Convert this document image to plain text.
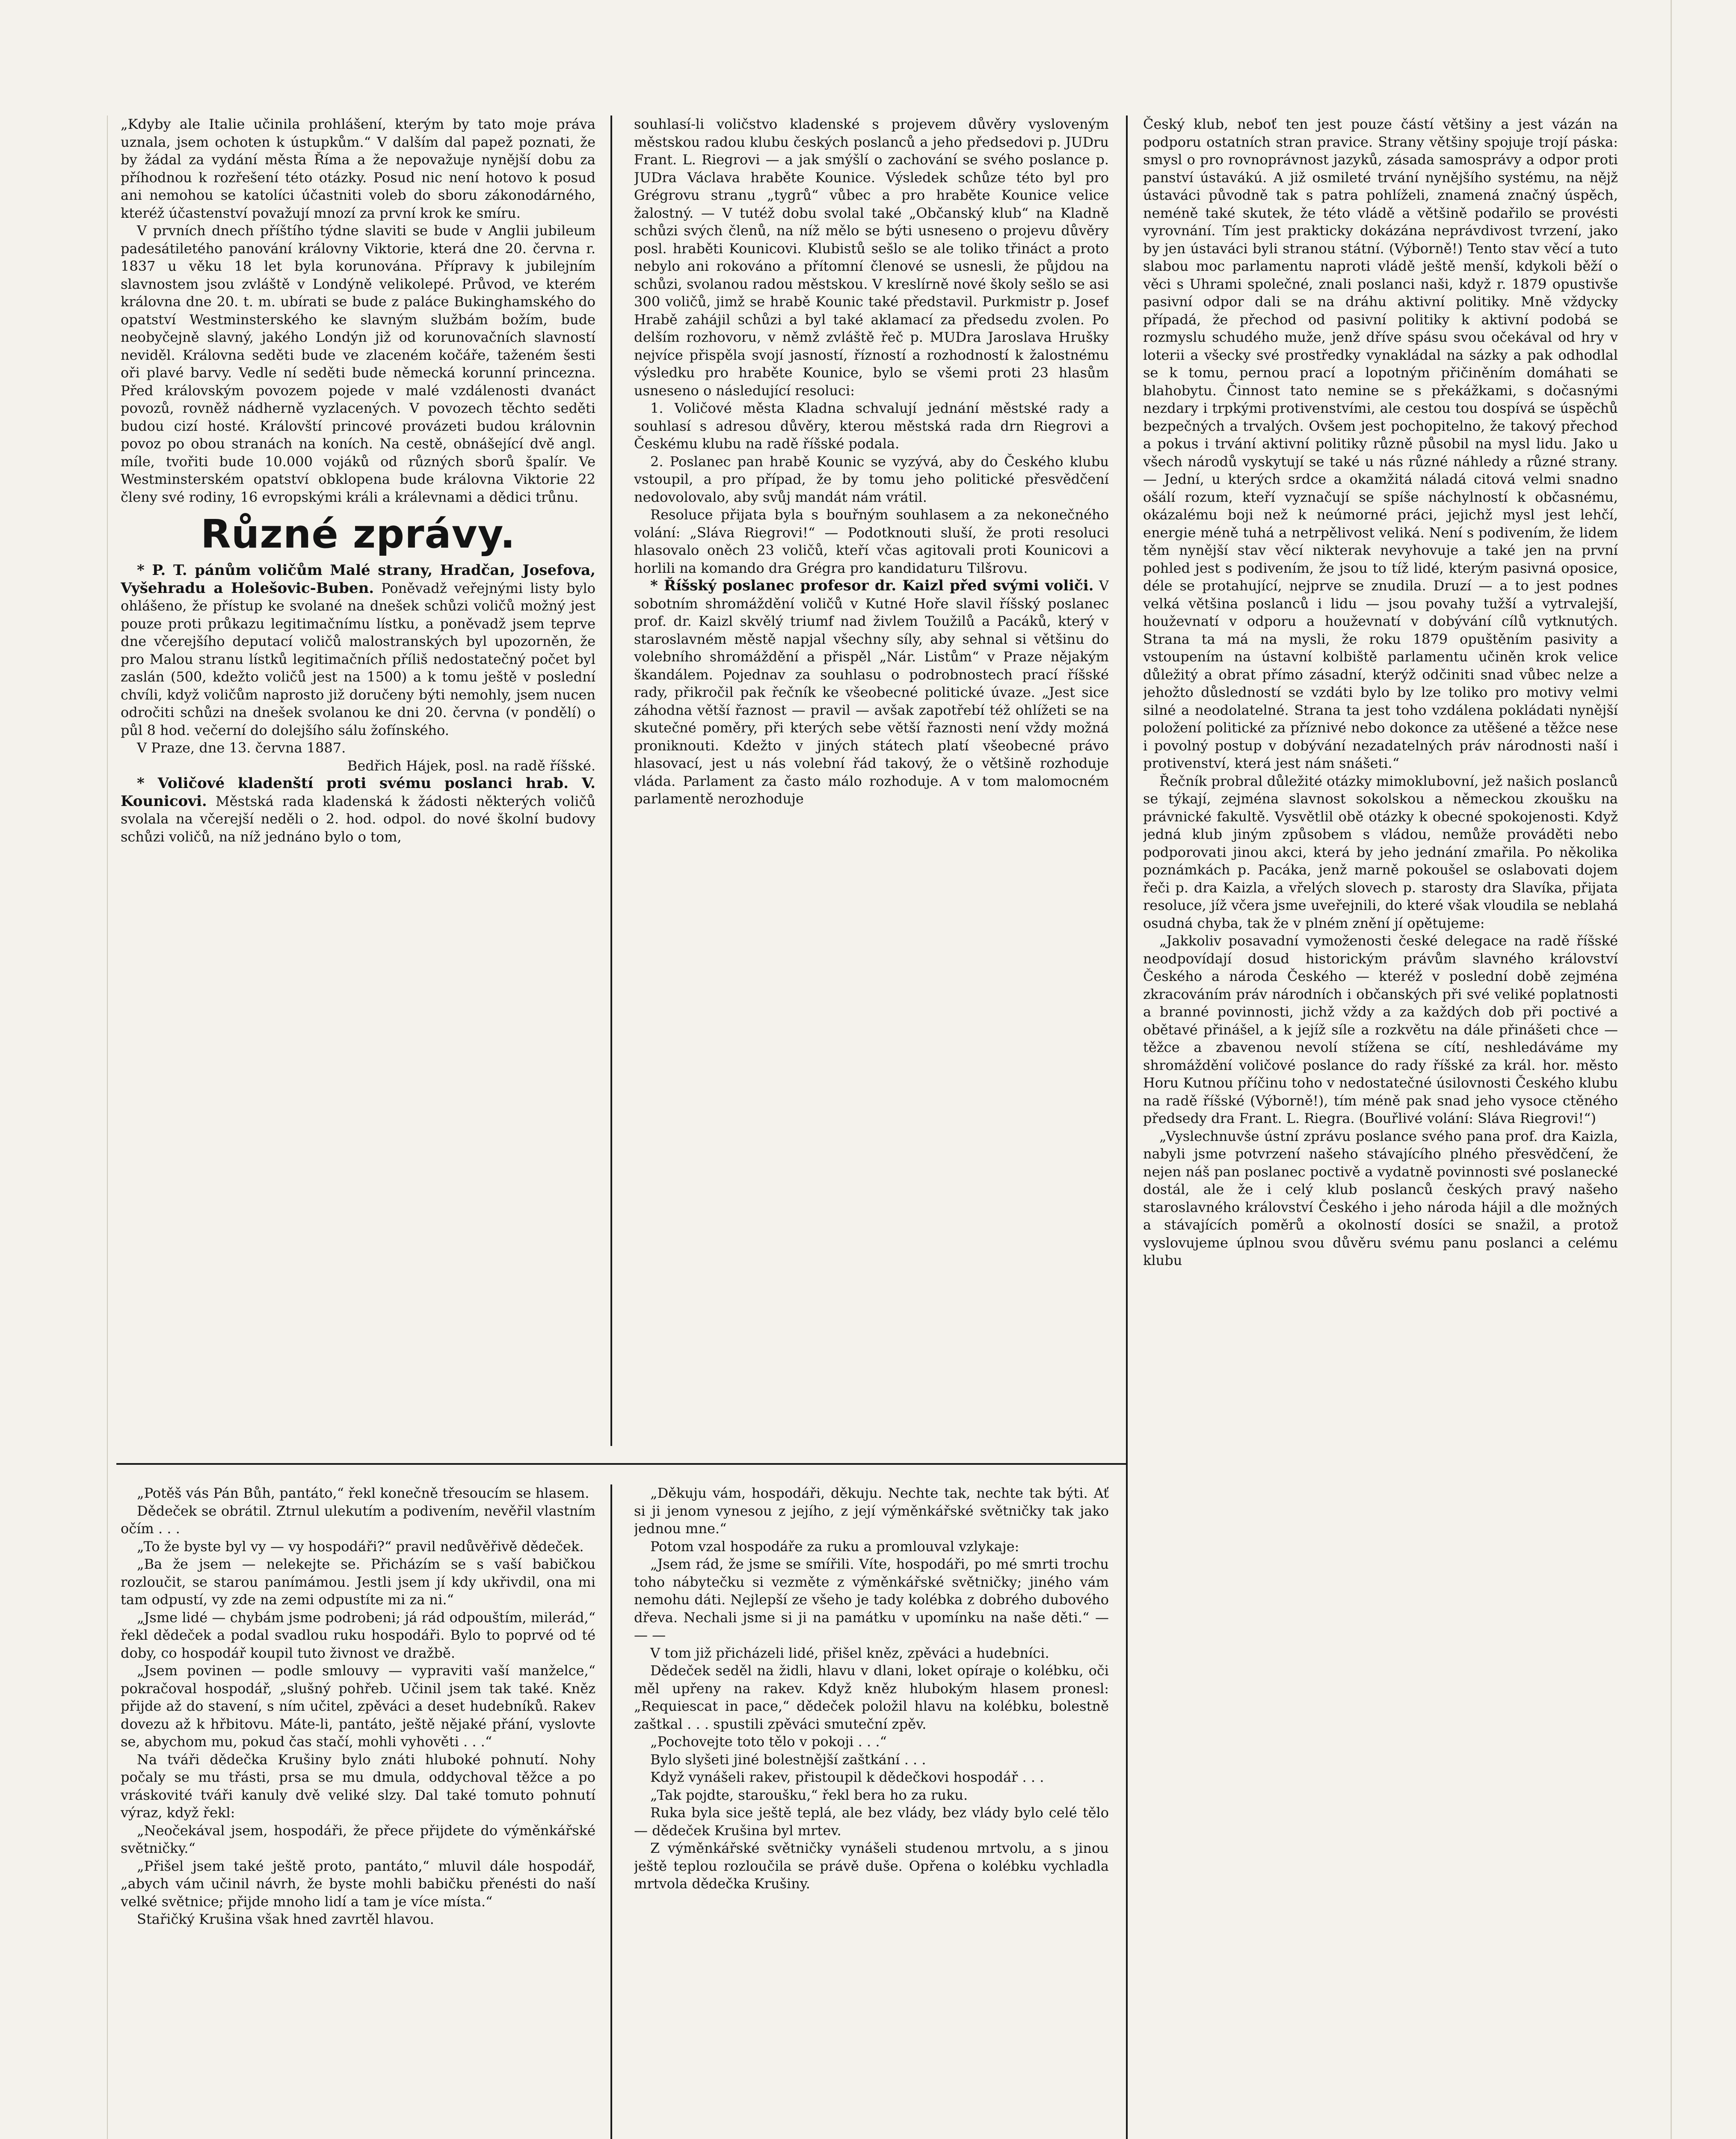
„Kdyby ale Italie učinila prohlášení, kterým by tato moje práva uznala, jsem ochoten k ústupkům.“ V dalším dal papež poznati, že by žádal za vydání města Říma a že nepovažuje nynější dobu za příhodnou k rozřešení této otázky. Posud nic není hotovo k posud ani nemohou se katolíci účastniti voleb do sboru zákonodárného, kteréž účastenství považují mnozí za první krok ke smíru.

V prvních dnech příštího týdne slaviti se bude v Anglii jubileum padesátiletého panování královny Viktorie, která dne 20. června r. 1837 u věku 18 let byla korunována. Přípravy k jubilejním slavnostem jsou zvláště v Londýně velikolepé. Průvod, ve kterém královna dne 20. t. m. ubírati se bude z paláce Bukinghamského do opatství Westminsterského ke slavným službám božím, bude neobyčejně slavný, jakého Londýn již od korunovačních slavností neviděl. Královna seděti bude ve zlaceném kočáře, taženém šesti oři plavé barvy. Vedle ní seděti bude německá korunní princezna. Před královským povozem pojede v malé vzdálenosti dvanáct povozů, rovněž nádherně vyzlacených. V povozech těchto seděti budou cizí hosté. Královští princové provázeti budou královnin povoz po obou stranách na koních. Na cestě, obnášející dvě angl. míle, tvořiti bude 10.000 vojáků od různých sborů špalír. Ve Westminsterském opatství obklopena bude královna Viktorie 22 členy své rodiny, 16 evropskými králi a králevnami a dědici trůnu.

Různé zprávy.

* P. T. pánům voličům Malé strany, Hradčan, Josefova, Vyšehradu a Holešovic-Buben. Poněvadž veřejnými listy bylo ohlášeno, že přístup ke svolané na dnešek schůzi voličů možný jest pouze proti průkazu legitimačnímu lístku, a poněvadž jsem teprve dne včerejšího deputací voličů malostranských byl upozorněn, že pro Malou stranu lístků legitimačních příliš nedostatečný počet byl zaslán (500, kdežto voličů jest na 1500) a k tomu ještě v poslední chvíli, když voličům naprosto již doručeny býti nemohly, jsem nucen odročiti schůzi na dnešek svolanou ke dni 20. června (v pondělí) o půl 8 hod. večerní do dolejšího sálu žofínského.

V Praze, dne 13. června 1887.

Bedřich Hájek, posl. na radě říšské.

* Voličové kladenští proti svému poslanci hrab. V. Kounicovi. Městská rada kladenská k žádosti některých voličů svolala na včerejší neděli o 2. hod. odpol. do nové školní budovy schůzi voličů, na níž jednáno bylo o tom,

souhlasí-li voličstvo kladenské s projevem důvěry vysloveným městskou radou klubu českých poslanců a jeho předsedovi p. JUDru Frant. L. Riegrovi — a jak smýšlí o zachování se svého poslance p. JUDra Václava hraběte Kounice. Výsledek schůze této byl pro Grégrovu stranu „tygrů“ vůbec a pro hraběte Kounice velice žalostný. — V tutéž dobu svolal také „Občanský klub“ na Kladně schůzi svých členů, na níž mělo se býti usneseno o projevu důvěry posl. hraběti Kounicovi. Klubistů sešlo se ale toliko třináct a proto nebylo ani rokováno a přítomní členové se usnesli, že půjdou na schůzi, svolanou radou městskou. V kreslírně nové školy sešlo se asi 300 voličů, jimž se hrabě Kounic také představil. Purkmistr p. Josef Hrabě zahájil schůzi a byl také aklamací za předsedu zvolen. Po delším rozhovoru, v němž zvláště řeč p. MUDra Jaroslava Hrušky nejvíce přispěla svojí jasností, řízností a rozhodností k žalostnému výsledku pro hraběte Kounice, bylo se všemi proti 23 hlasům usneseno o následující resoluci:

1. Voličové města Kladna schvalují jednání městské rady a souhlasí s adresou důvěry, kterou městská rada drn Riegrovi a Českému klubu na radě říšské podala.

2. Poslanec pan hrabě Kounic se vyzývá, aby do Českého klubu vstoupil, a pro případ, že by tomu jeho politické přesvědčení nedovolovalo, aby svůj mandát nám vrátil.

Resoluce přijata byla s bouřným souhlasem a za nekonečného volání: „Sláva Riegrovi!“ — Podotknouti sluší, že proti resoluci hlasovalo oněch 23 voličů, kteří včas agitovali proti Kounicovi a horlili na komando dra Grégra pro kandidaturu Tilšrovu.

* Říšský poslanec profesor dr. Kaizl před svými voliči. V sobotním shromáždění voličů v Kutné Hoře slavil říšský poslanec prof. dr. Kaizl skvělý triumf nad živlem Toužilů a Pacáků, který v staroslavném městě napjal všechny síly, aby sehnal si většinu do volebního shromáždění a přispěl „Nár. Listům“ v Praze nějakým škandálem. Pojednav za souhlasu o podrobnostech prací říšské rady, přikročil pak řečník ke všeobecné politické úvaze. „Jest sice záhodna větší řaznost — pravil — avšak zapotřebí též ohlížeti se na skutečné poměry, při kterých sebe větší řaznosti není vždy možná proniknouti. Kdežto v jiných státech platí všeobecné právo hlasovací, jest u nás volební řád takový, že o většině rozhoduje vláda. Parlament za často málo rozhoduje. A v tom malomocném parlamentě nerozhoduje

Český klub, neboť ten jest pouze částí většiny a jest vázán na podporu ostatních stran pravice. Strany většiny spojuje trojí páska: smysl o pro rovnoprávnost jazyků, zásada samosprávy a odpor proti panství ústavákú. A již osmileté trvání nynějšího systému, na nějž ústaváci původně tak s patra pohlíželi, znamená značný úspěch, neméně také skutek, že této vládě a většině podařilo se provésti vyrovnání. Tím jest prakticky dokázána neprávdivost tvrzení, jako by jen ústaváci byli stranou státní. (Výborně!) Tento stav věcí a tuto slabou moc parlamentu naproti vládě ještě menší, kdykoli běží o věci s Uhrami společné, znali poslanci naši, když r. 1879 opustivše pasivní odpor dali se na dráhu aktivní politiky. Mně vždycky případá, že přechod od pasivní politiky k aktivní podobá se rozmyslu schudého muže, jenž dříve spásu svou očekával od hry v loterii a všecky své prostředky vynakládal na sázky a pak odhodlal se k tomu, pernou prací a lopotným přičiněním domáhati se blahobytu. Činnost tato nemine se s překážkami, s dočasnými nezdary i trpkými protivenstvími, ale cestou tou dospívá se úspěchů bezpečných a trvalých. Ovšem jest pochopitelno, že takový přechod a pokus i trvání aktivní politiky různě působil na mysl lidu. Jako u všech národů vyskytují se také u nás různé náhledy a různé strany. — Jední, u kterých srdce a okamžitá náladá citová velmi snadno ošálí rozum, kteří vyznačují se spíše náchylností k občasnému, okázalému boji než k neúmorné práci, jejichž mysl jest lehčí, energie méně tuhá a netrpělivost veliká. Není s podivením, že lidem těm nynější stav věcí nikterak nevyhovuje a také jen na první pohled jest s podivením, že jsou to tíž lidé, kterým pasivná oposice, déle se protahující, nejprve se znudila. Druzí — a to jest podnes velká většina poslanců i lidu — jsou povahy tužší a vytrvalejší, houževnatí v odporu a houževnatí v dobývání cílů vytknutých. Strana ta má na mysli, že roku 1879 opuštěním pasivity a vstoupením na ústavní kolbiště parlamentu učiněn krok velice důležitý a obrat přímo zásadní, kterýž odčiniti snad vůbec nelze a jehožto důsledností se vzdáti bylo by lze toliko pro motivy velmi silné a neodolatelné. Strana ta jest toho vzdálena pokládati nynější položení politické za příznivé nebo dokonce za utěšené a těžce nese i povolný postup v dobývání nezadatelných práv národnosti naší i protivenství, která jest nám snášeti.“

Řečník probral důležité otázky mimoklubovní, jež našich poslanců se týkají, zejména slavnost sokolskou a německou zkoušku na právnické fakultě. Vysvětlil obě otázky k obecné spokojenosti. Když jedná klub jiným způsobem s vládou, nemůže prováděti nebo podporovati jinou akci, která by jeho jednání zmařila. Po několika poznámkách p. Pacáka, jenž marně pokoušel se oslabovati dojem řeči p. dra Kaizla, a vřelých slovech p. starosty dra Slavíka, přijata resoluce, jíž včera jsme uveřejnili, do které však vloudila se neblahá osudná chyba, tak že v plném znění jí opětujeme:

„Jakkoliv posavadní vymoženosti české delegace na radě říšské neodpovídají dosud historickým právům slavného království Českého a národa Českého — kteréž v poslední době zejména zkracováním práv národních i občanských při své veliké poplatnosti a branné povinnosti, jichž vždy a za každých dob při poctivé a obětavé přinášel, a k jejíž síle a rozkvětu na dále přinášeti chce — těžce a zbavenou nevolí stížena se cítí, neshledáváme my shromáždění voličové poslance do rady říšské za král. hor. město Horu Kutnou příčinu toho v nedostatečné úsilovnosti Českého klubu na radě říšské (Výborně!), tím méně pak snad jeho vysoce ctěného předsedy dra Frant. L. Riegra. (Bouřlivé volání: Sláva Riegrovi!“)

„Vyslechnuvše ústní zprávu poslance svého pana prof. dra Kaizla, nabyli jsme potvrzení našeho stávajícího plného přesvědčení, že nejen náš pan poslanec poctivě a vydatně povinnosti své poslanecké dostál, ale že i celý klub poslanců českých pravý našeho staroslavného království Českého i jeho národa hájil a dle možných a stávajících poměrů a okolností dosíci se snažil, a protož vyslovujeme úplnou svou důvěru svému panu poslanci a celému klubu

„Potěš vás Pán Bůh, pantáto,“ řekl konečně třesoucím se hlasem.

Dědeček se obrátil. Ztrnul ulekutím a podivením, nevěřil vlastním očím . . .

„To že byste byl vy — vy hospodáři?“ pravil nedůvěřivě dědeček.

„Ba že jsem — nelekejte se. Přicházím se s vaší babičkou rozloučit, se starou panímámou. Jestli jsem jí kdy ukřivdil, ona mi tam odpustí, vy zde na zemi odpustíte mi za ni.“

„Jsme lidé — chybám jsme podrobeni; já rád odpouštím, milerád,“ řekl dědeček a podal svadlou ruku hospodáři. Bylo to poprvé od té doby, co hospodář koupil tuto živnost ve dražbě.

„Jsem povinen — podle smlouvy — vypraviti vaší manželce,“ pokračoval hospodář, „slušný pohřeb. Učinil jsem tak také. Kněz přijde až do stavení, s ním učitel, zpěváci a deset hudebníků. Rakev dovezu až k hřbitovu. Máte-li, pantáto, ještě nějaké přání, vyslovte se, abychom mu, pokud čas stačí, mohli vyhověti . . .“

Na tváři dědečka Krušiny bylo znáti hluboké pohnutí. Nohy počaly se mu třásti, prsa se mu dmula, oddychoval těžce a po vráskovité tváři kanuly dvě veliké slzy. Dal také tomuto pohnutí výraz, když řekl:

„Neočekával jsem, hospodáři, že přece přijdete do výměnkářské světničky.“

„Přišel jsem také ještě proto, pantáto,“ mluvil dále hospodář, „abych vám učinil návrh, že byste mohli babičku přenésti do naší velké světnice; přijde mnoho lidí a tam je více místa.“

Stařičký Krušina však hned zavrtěl hlavou.

„Děkuju vám, hospodáři, děkuju. Nechte tak, nechte tak býti. Ať si ji jenom vynesou z jejího, z její výměnkářské světničky tak jako jednou mne.“

Potom vzal hospodáře za ruku a promlouval vzlykaje:

„Jsem rád, že jsme se smířili. Víte, hospodáři, po mé smrti trochu toho nábytečku si vezměte z výměnkářské světničky; jiného vám nemohu dáti. Nejlepší ze všeho je tady kolébka z dobrého dubového dřeva. Nechali jsme si ji na památku v upomínku na naše děti.“ — — —

V tom již přicházeli lidé, přišel kněz, zpěváci a hudebníci.

Dědeček seděl na židli, hlavu v dlani, loket opíraje o kolébku, oči měl upřeny na rakev. Když kněz hlubokým hlasem pronesl: „Requiescat in pace,“ dědeček položil hlavu na kolébku, bolestně zaštkal . . . spustili zpěváci smuteční zpěv.

„Pochovejte toto tělo v pokoji . . .“

Bylo slyšeti jiné bolestnější zaštkání . . .

Když vynášeli rakev, přistoupil k dědečkovi hospodář . . .

„Tak pojdte, staroušku,“ řekl bera ho za ruku.

Ruka byla sice ještě teplá, ale bez vlády, bez vlády bylo celé tělo — dědeček Krušina byl mrtev.

Z výměnkářské světničky vynášeli studenou mrtvolu, a s jinou ještě teplou rozloučila se právě duše. Opřena o kolébku vychladla mrtvola dědečka Krušiny.
